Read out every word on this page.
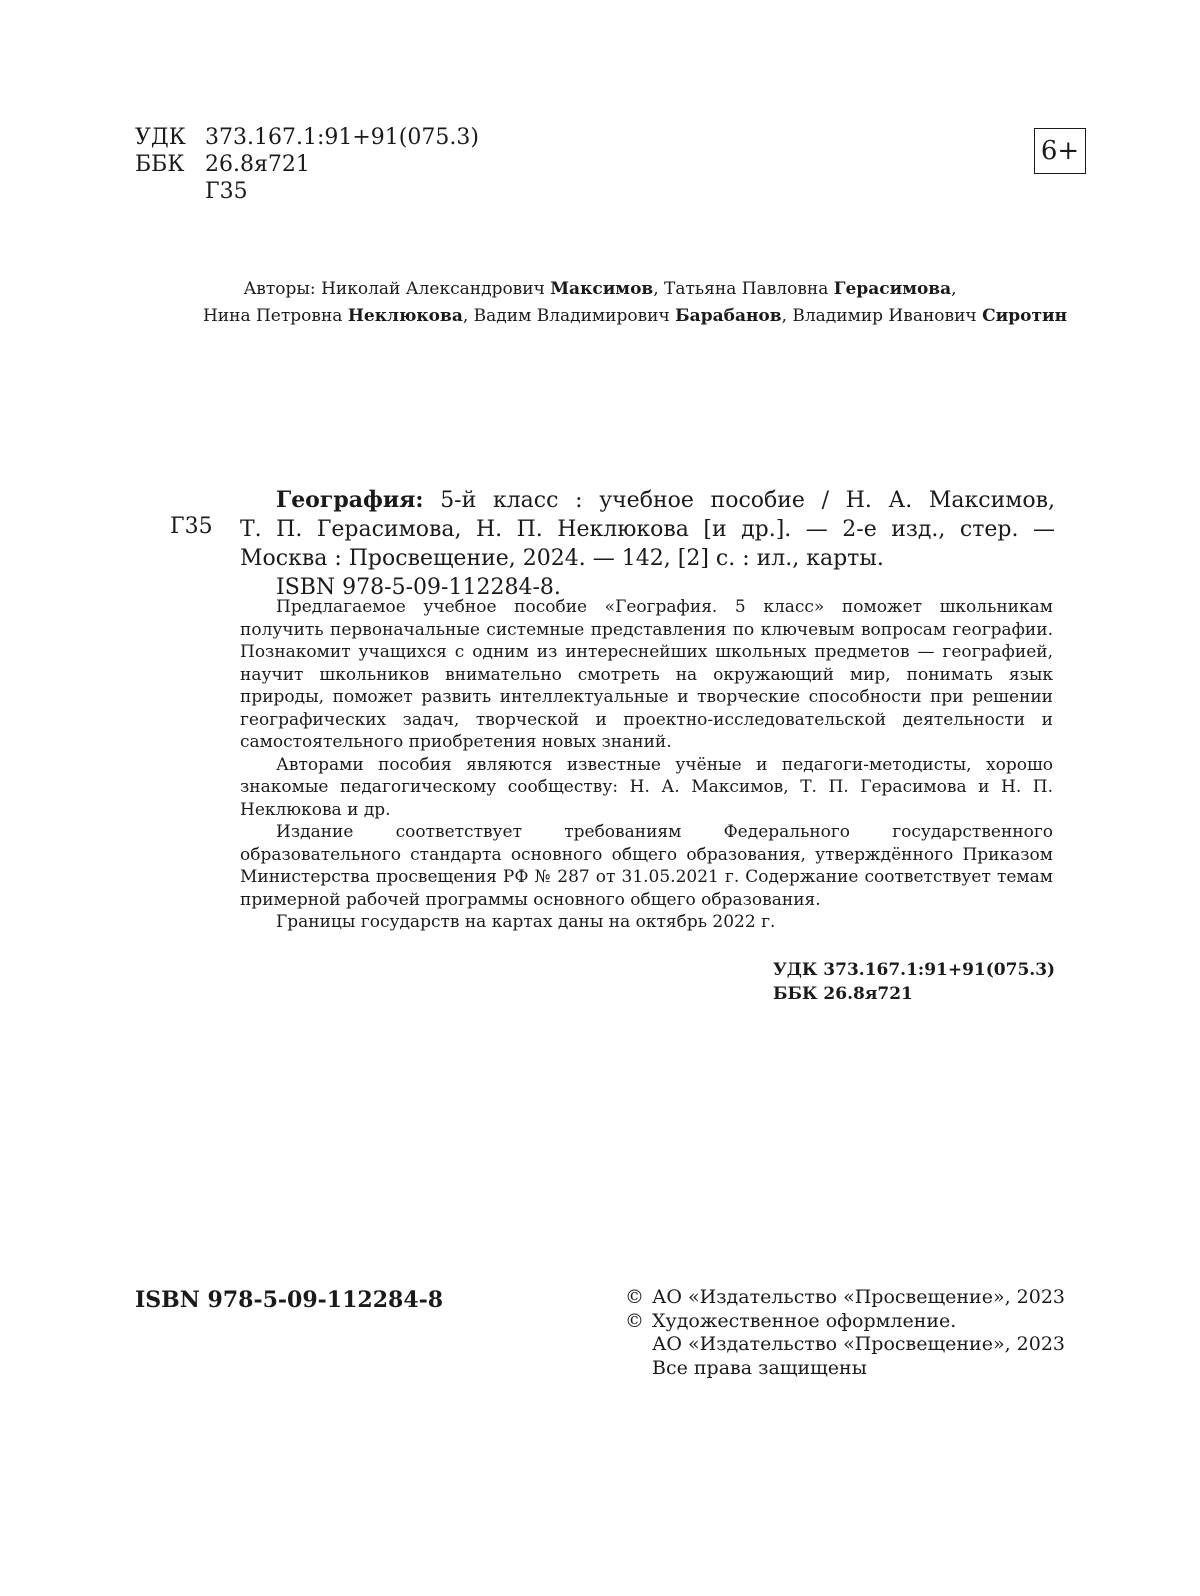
УДК 373.167.1:91+91(075.3)
ББК 26.8я721
Г35
6+
Авторы: Николай Александрович Максимов, Татьяна Павловна Герасимова,
Нина Петровна Неклюкова, Вадим Владимирович Барабанов, Владимир Иванович Сиротин
Г35
География: 5-й класс : учебное пособие / Н. А. Максимов,
Т. П. Герасимова, Н. П. Неклюкова [и др.]. — 2-е изд., стер. —
Москва : Просвещение, 2024. — 142, [2] с. : ил., карты.
ISBN 978-5-09-112284-8.

Предлагаемое учебное пособие «География. 5 класс» поможет школьникам получить первоначальные системные представления по ключевым вопросам географии. Познакомит учащихся с одним из интереснейших школьных предметов — географией, научит школьников внимательно смотреть на окружающий мир, понимать язык природы, поможет развить интеллектуальные и творческие способности при решении географических задач, творческой и проектно-исследовательской деятельности и самостоятельного приобретения новых знаний.

Авторами пособия являются известные учёные и педагоги-методисты, хорошо знакомые педагогическому сообществу: Н. А. Максимов, Т. П. Герасимова и Н. П. Неклюкова и др.

Издание соответствует требованиям Федерального государственного образовательного стандарта основного общего образования, утверждённого Приказом Министерства просвещения РФ № 287 от 31.05.2021 г. Содержание соответствует темам примерной рабочей программы основного общего образования.

Границы государств на картах даны на октябрь 2022 г.

УДК 373.167.1:91+91(075.3)
ББК 26.8я721
ISBN 978-5-09-112284-8	© АО «Издательство «Просвещение», 2023
© Художественное оформление.
АО «Издательство «Просвещение», 2023
Все права защищены
